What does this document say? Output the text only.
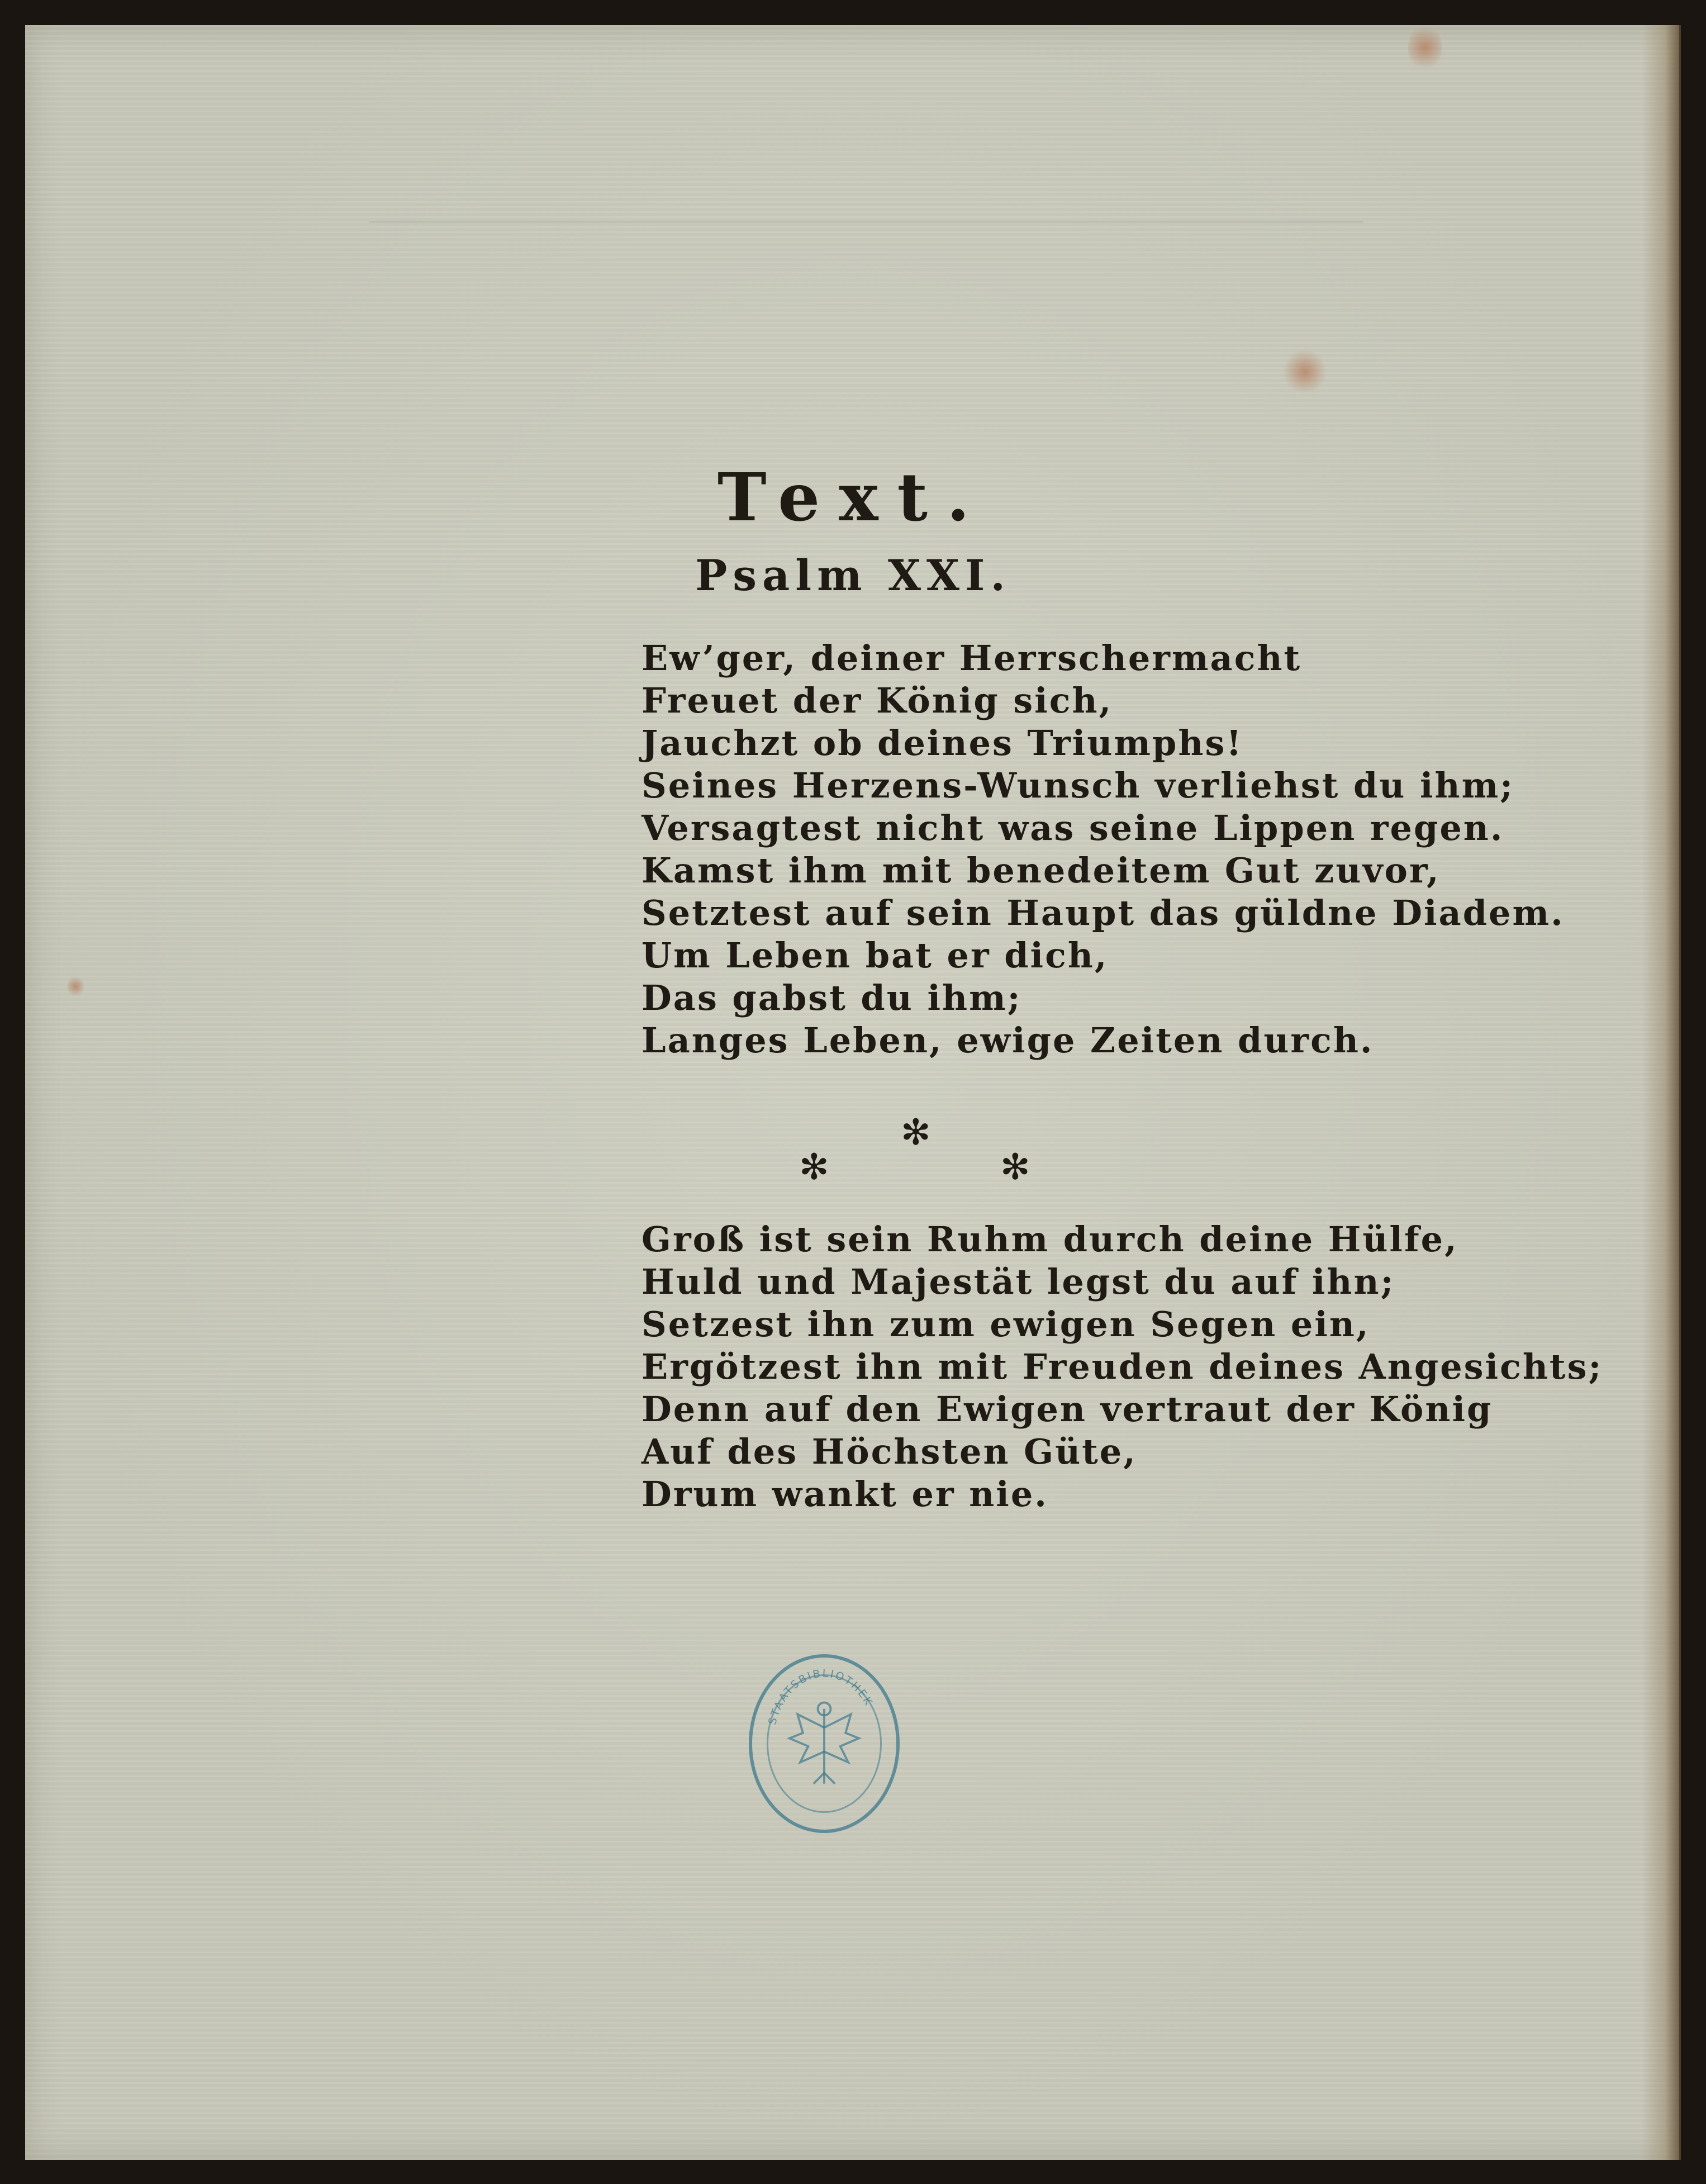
Text.
Psalm XXI.
Ew’ger, deiner Herrschermacht
Freuet der König sich,
Jauchzt ob deines Triumphs!
Seines Herzens-Wunsch verliehst du ihm;
Versagtest nicht was seine Lippen regen.
Kamst ihm mit benedeitem Gut zuvor,
Setztest auf sein Haupt das güldne Diadem.
Um Leben bat er dich,
Das gabst du ihm;
Langes Leben, ewige Zeiten durch.
✻
✻	✻
Groß ist sein Ruhm durch deine Hülfe,
Huld und Majestät legst du auf ihn;
Setzest ihn zum ewigen Segen ein,
Ergötzest ihn mit Freuden deines Angesichts;
Denn auf den Ewigen vertraut der König
Auf des Höchsten Güte,
Drum wankt er nie.
STAATSBIBLIOTHEK
